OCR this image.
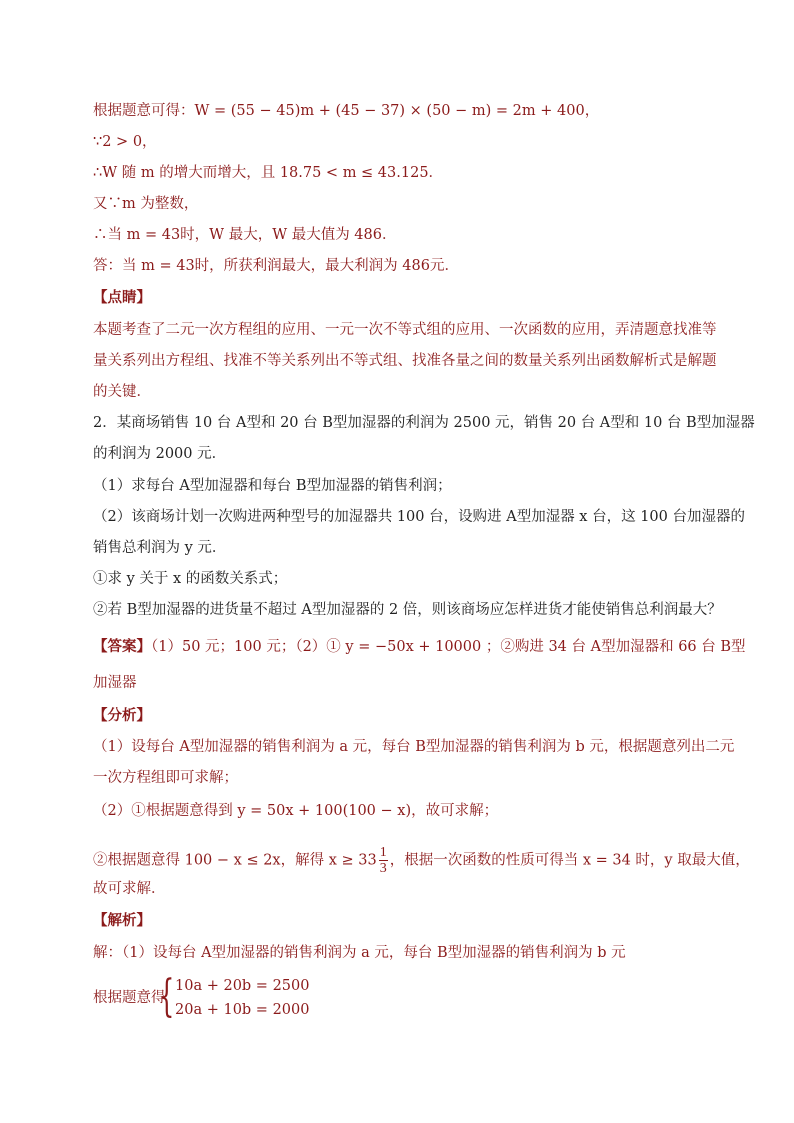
根据题意可得：W = (55 − 45)m + (45 − 37) × (50 − m) = 2m + 400，
∵2 > 0，
∴W 随 m 的增大而增大，且 18.75 < m ≤ 43.125．
又∵m 为整数，
∴当 m = 43时，W 最大，W 最大值为 486．
答：当 m = 43时，所获利润最大，最大利润为 486元．
【点睛】
本题考查了二元一次方程组的应用、一元一次不等式组的应用、一次函数的应用，弄清题意找准等
量关系列出方程组、找准不等关系列出不等式组、找准各量之间的数量关系列出函数解析式是解题
的关键．
2．某商场销售 10 台 A型和 20 台 B型加湿器的利润为 2500 元，销售 20 台 A型和 10 台 B型加湿器
的利润为 2000 元．
（1）求每台 A型加湿器和每台 B型加湿器的销售利润；
（2）该商场计划一次购进两种型号的加湿器共 100 台，设购进 A型加湿器 x 台，这 100 台加湿器的
销售总利润为 y 元．
①求 y 关于 x 的函数关系式；
②若 B型加湿器的进货量不超过 A型加湿器的 2 倍，则该商场应怎样进货才能使销售总利润最大？
【答案】（1）50 元；100 元；（2）① y = −50x + 10000 ；②购进 34 台 A型加湿器和 66 台 B型
加湿器
【分析】
（1）设每台 A型加湿器的销售利润为 a 元，每台 B型加湿器的销售利润为 b 元，根据题意列出二元
一次方程组即可求解；
（2）①根据题意得到 y = 50x + 100(100 − x)，故可求解；
②根据题意得 100 − x ≤ 2x，解得 $x \ge 33 \frac{1}{3}$ ，根据一次函数的性质可得当 x = 34 时，y 取最大值，
故可求解．
【解析】
解：（1）设每台 A型加湿器的销售利润为 a 元，每台 B型加湿器的销售利润为 b 元
根据题意得
{ 10a + 20b = 2500
20a + 10b = 2000
